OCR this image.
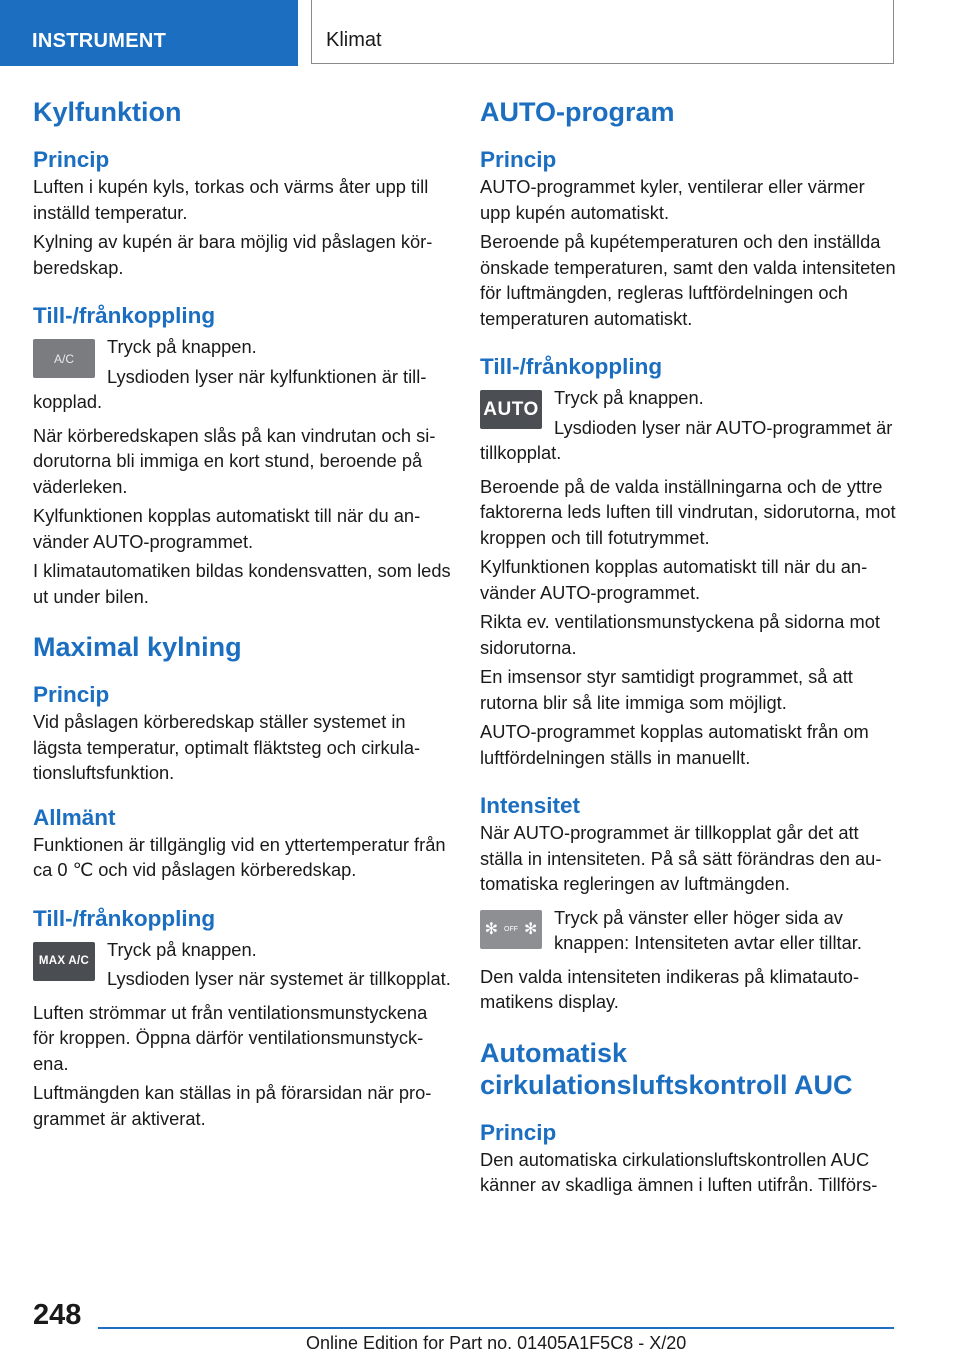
INSTRUMENT	Klimat
Kylfunktion
Princip

Luften i kupén kyls, torkas och värms åter upp till inställd temperatur.

Kylning av kupén är bara möjlig vid påslagen körberedskap.

Till-/frånkoppling
A/C

Tryck på knappen.

Lysdioden lyser när kylfunktionen är tillkopplad.

När körberedskapen slås på kan vindrutan och sidorutorna bli immiga en kort stund, beroende på väderleken.

Kylfunktionen kopplas automatiskt till när du använder AUTO-programmet.

I klimatautomatiken bildas kondensvatten, som leds ut under bilen.

Maximal kylning
Princip

Vid påslagen körberedskap ställer systemet in lägsta temperatur, optimalt fläktsteg och cirkulationsluftsfunktion.

Allmänt

Funktionen är tillgänglig vid en yttertemperatur från ca 0 ℃ och vid påslagen körberedskap.

Till-/frånkoppling
MAX A/C

Tryck på knappen.

Lysdioden lyser när systemet är tillkopplat.

Luften strömmar ut från ventilationsmunstyckena för kroppen. Öppna därför ventilationsmunstyckena.

Luftmängden kan ställas in på förarsidan när programmet är aktiverat.

AUTO-program
Princip

AUTO-programmet kyler, ventilerar eller värmer upp kupén automatiskt.

Beroende på kupétemperaturen och den inställda önskade temperaturen, samt den valda intensiteten för luftmängden, regleras luftfördelningen och temperaturen automatiskt.

Till-/frånkoppling
AUTO

Tryck på knappen.

Lysdioden lyser när AUTO-programmet är tillkopplat.

Beroende på de valda inställningarna och de yttre faktorerna leds luften till vindrutan, sidorutorna, mot kroppen och till fotutrymmet.

Kylfunktionen kopplas automatiskt till när du använder AUTO-programmet.

Rikta ev. ventilationsmunstyckena på sidorna mot sidorutorna.

En imsensor styr samtidigt programmet, så att rutorna blir så lite immiga som möjligt.

AUTO-programmet kopplas automatiskt från om luftfördelningen ställs in manuellt.

Intensitet

När AUTO-programmet är tillkopplat går det att ställa in intensiteten. På så sätt förändras den automatiska regleringen av luftmängden.

✻ OFF ✻

Tryck på vänster eller höger sida av knappen: Intensiteten avtar eller tilltar.

Den valda intensiteten indikeras på klimatautomatikens display.

Automatisk cirkulationsluftskontroll AUC
Princip

Den automatiska cirkulationsluftskontrollen AUC känner av skadliga ämnen i luften utifrån. Tillförs-

248
Online Edition for Part no. 01405A1F5C8 - X/20
